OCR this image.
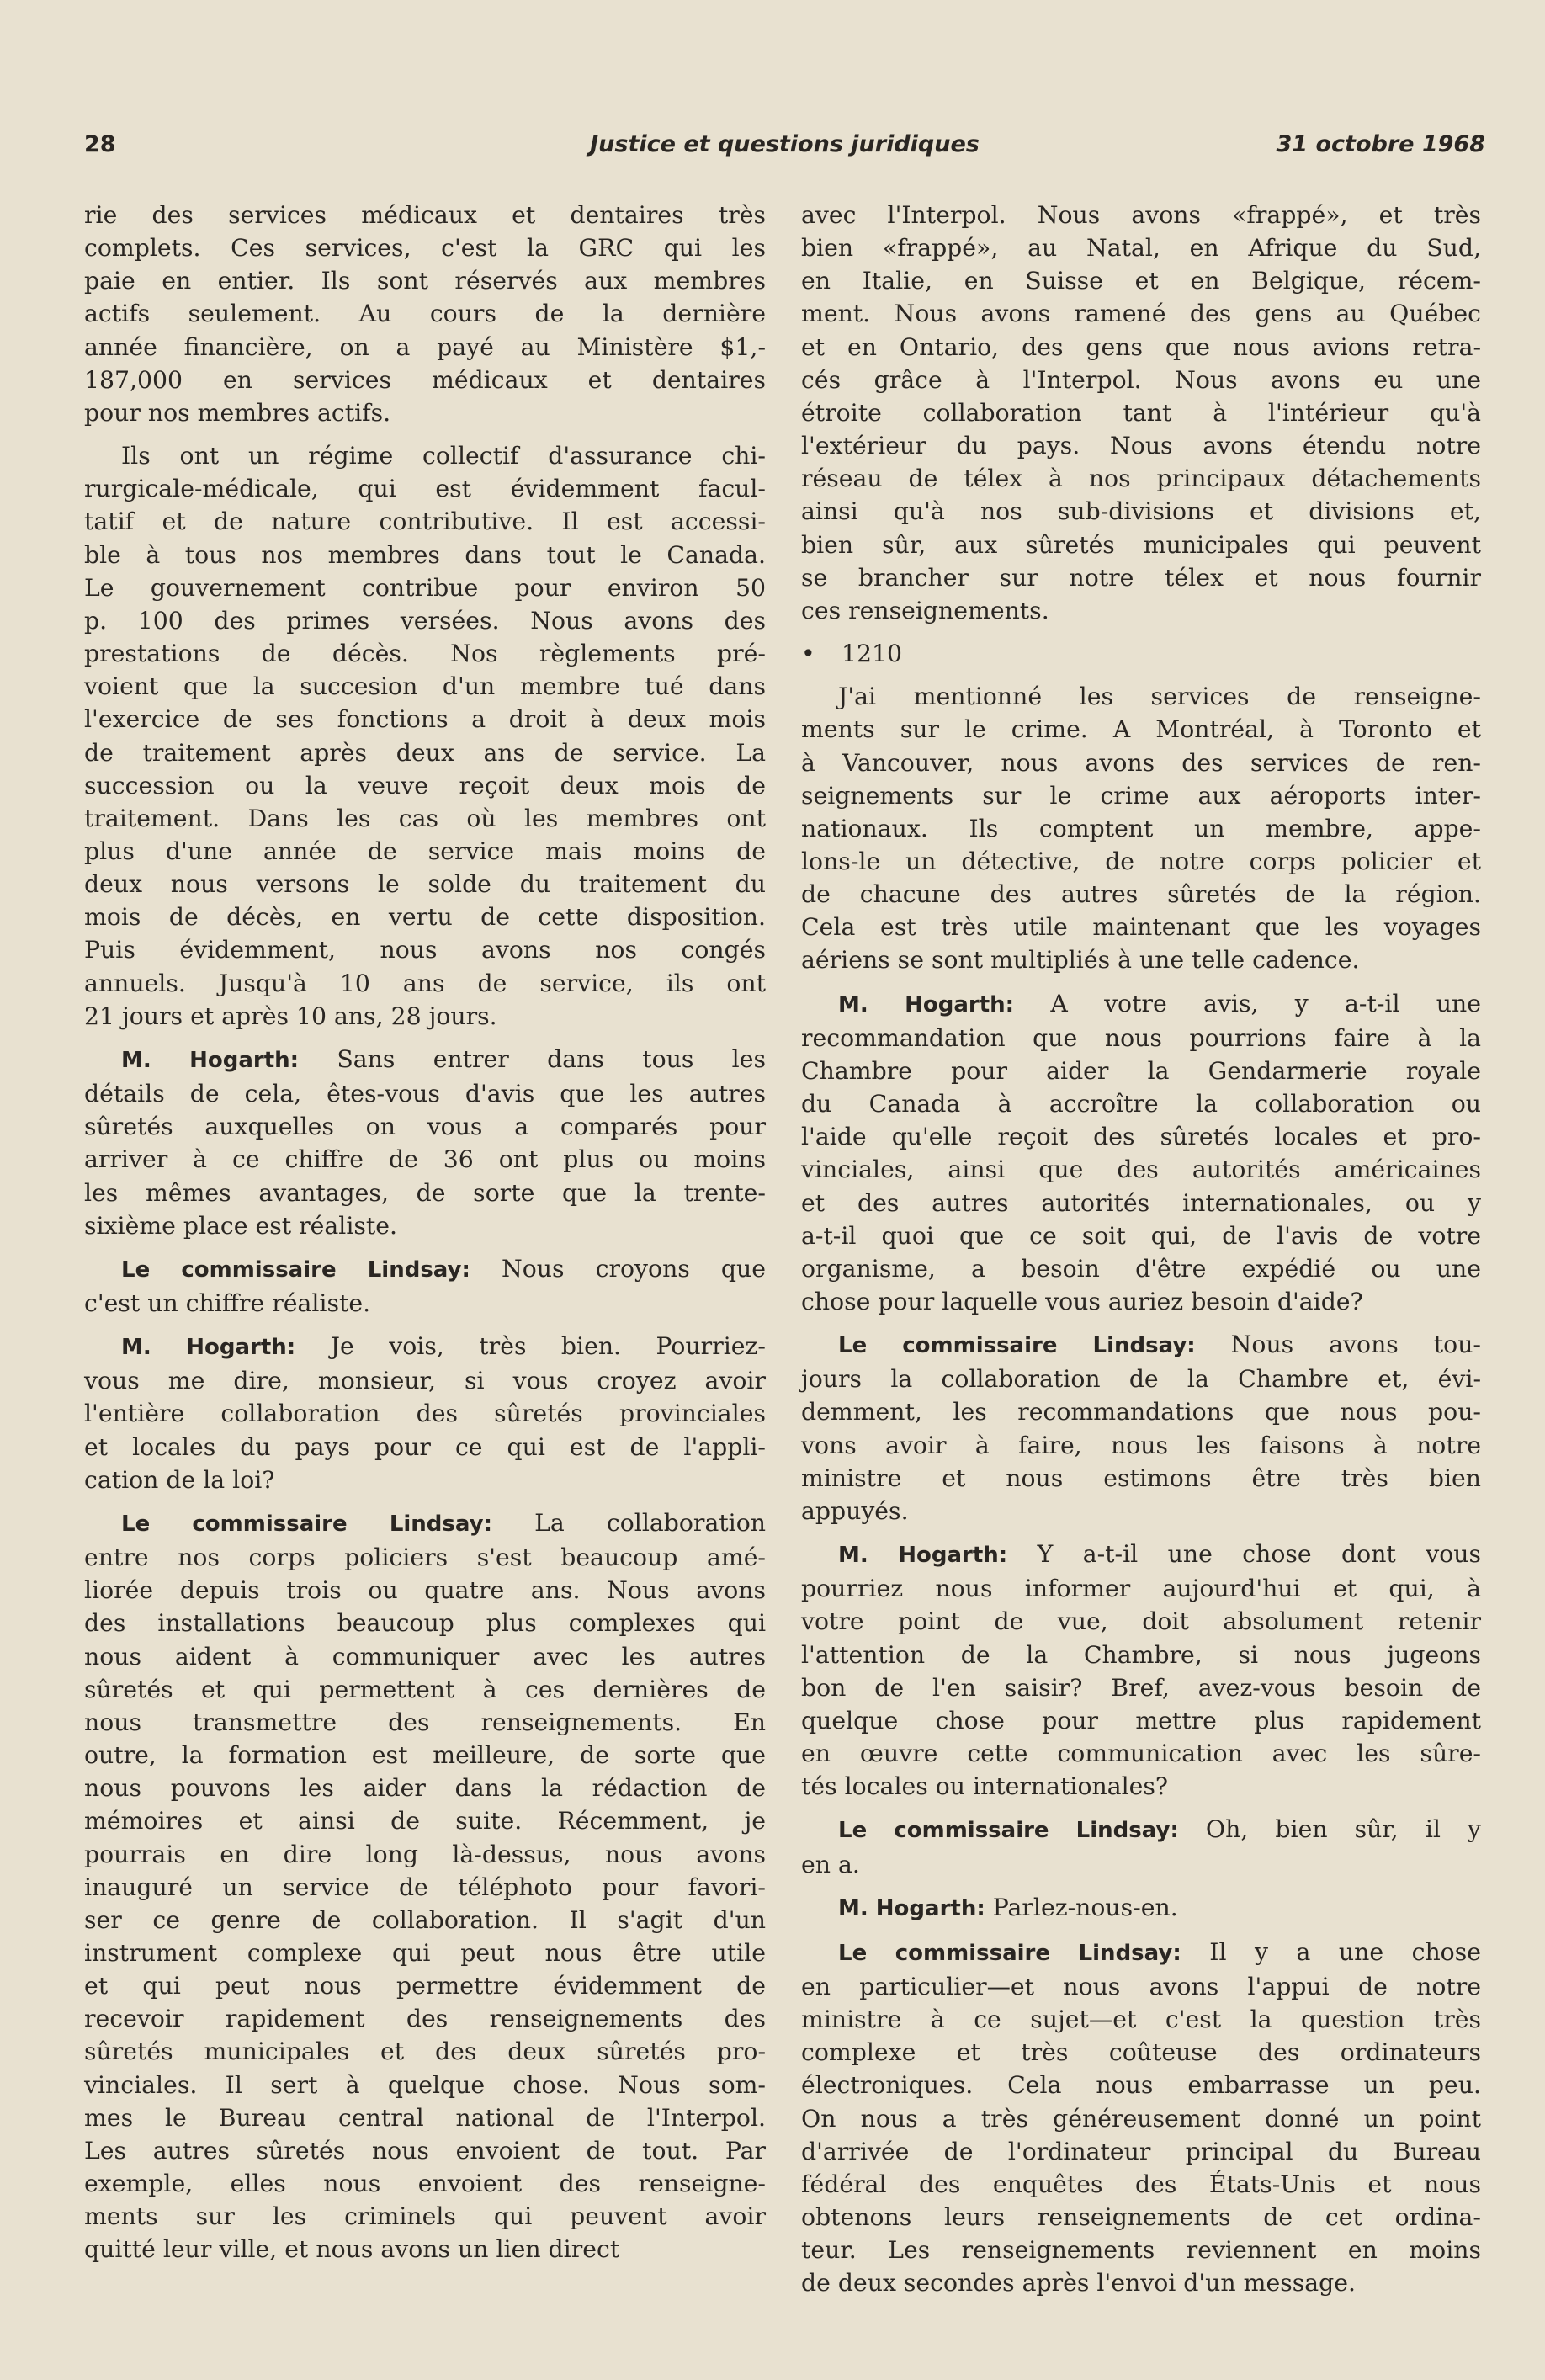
28	Justice et questions juridiques	31 octobre 1968

rie des services médicaux et dentaires très
complets. Ces services, c'est la GRC qui les
paie en entier. Ils sont réservés aux membres
actifs seulement. Au cours de la dernière
année financière, on a payé au Ministère $1,-
187,000 en services médicaux et dentaires
pour nos membres actifs.

Ils ont un régime collectif d'assurance chi-
rurgicale-médicale, qui est évidemment facul-
tatif et de nature contributive. Il est accessi-
ble à tous nos membres dans tout le Canada.
Le gouvernement contribue pour environ 50
p. 100 des primes versées. Nous avons des
prestations de décès. Nos règlements pré-
voient que la succesion d'un membre tué dans
l'exercice de ses fonctions a droit à deux mois
de traitement après deux ans de service. La
succession ou la veuve reçoit deux mois de
traitement. Dans les cas où les membres ont
plus d'une année de service mais moins de
deux nous versons le solde du traitement du
mois de décès, en vertu de cette disposition.
Puis évidemment, nous avons nos congés
annuels. Jusqu'à 10 ans de service, ils ont
21 jours et après 10 ans, 28 jours.

M. Hogarth: Sans entrer dans tous les
détails de cela, êtes-vous d'avis que les autres
sûretés auxquelles on vous a comparés pour
arriver à ce chiffre de 36 ont plus ou moins
les mêmes avantages, de sorte que la trente-
sixième place est réaliste.

Le commissaire Lindsay: Nous croyons que
c'est un chiffre réaliste.

M. Hogarth: Je vois, très bien. Pourriez-
vous me dire, monsieur, si vous croyez avoir
l'entière collaboration des sûretés provinciales
et locales du pays pour ce qui est de l'appli-
cation de la loi?

Le commissaire Lindsay: La collaboration
entre nos corps policiers s'est beaucoup amé-
liorée depuis trois ou quatre ans. Nous avons
des installations beaucoup plus complexes qui
nous aident à communiquer avec les autres
sûretés et qui permettent à ces dernières de
nous transmettre des renseignements. En
outre, la formation est meilleure, de sorte que
nous pouvons les aider dans la rédaction de
mémoires et ainsi de suite. Récemment, je
pourrais en dire long là-dessus, nous avons
inauguré un service de téléphoto pour favori-
ser ce genre de collaboration. Il s'agit d'un
instrument complexe qui peut nous être utile
et qui peut nous permettre évidemment de
recevoir rapidement des renseignements des
sûretés municipales et des deux sûretés pro-
vinciales. Il sert à quelque chose. Nous som-
mes le Bureau central national de l'Interpol.
Les autres sûretés nous envoient de tout. Par
exemple, elles nous envoient des renseigne-
ments sur les criminels qui peuvent avoir
quitté leur ville, et nous avons un lien direct

avec l'Interpol. Nous avons «frappé», et très
bien «frappé», au Natal, en Afrique du Sud,
en Italie, en Suisse et en Belgique, récem-
ment. Nous avons ramené des gens au Québec
et en Ontario, des gens que nous avions retra-
cés grâce à l'Interpol. Nous avons eu une
étroite collaboration tant à l'intérieur qu'à
l'extérieur du pays. Nous avons étendu notre
réseau de télex à nos principaux détachements
ainsi qu'à nos sub-divisions et divisions et,
bien sûr, aux sûretés municipales qui peuvent
se brancher sur notre télex et nous fournir
ces renseignements.

• 1210

J'ai mentionné les services de renseigne-
ments sur le crime. A Montréal, à Toronto et
à Vancouver, nous avons des services de ren-
seignements sur le crime aux aéroports inter-
nationaux. Ils comptent un membre, appe-
lons-le un détective, de notre corps policier et
de chacune des autres sûretés de la région.
Cela est très utile maintenant que les voyages
aériens se sont multipliés à une telle cadence.

M. Hogarth: A votre avis, y a-t-il une
recommandation que nous pourrions faire à la
Chambre pour aider la Gendarmerie royale
du Canada à accroître la collaboration ou
l'aide qu'elle reçoit des sûretés locales et pro-
vinciales, ainsi que des autorités américaines
et des autres autorités internationales, ou y
a-t-il quoi que ce soit qui, de l'avis de votre
organisme, a besoin d'être expédié ou une
chose pour laquelle vous auriez besoin d'aide?

Le commissaire Lindsay: Nous avons tou-
jours la collaboration de la Chambre et, évi-
demment, les recommandations que nous pou-
vons avoir à faire, nous les faisons à notre
ministre et nous estimons être très bien
appuyés.

M. Hogarth: Y a-t-il une chose dont vous
pourriez nous informer aujourd'hui et qui, à
votre point de vue, doit absolument retenir
l'attention de la Chambre, si nous jugeons
bon de l'en saisir? Bref, avez-vous besoin de
quelque chose pour mettre plus rapidement
en œuvre cette communication avec les sûre-
tés locales ou internationales?

Le commissaire Lindsay: Oh, bien sûr, il y
en a.

M. Hogarth: Parlez-nous-en.

Le commissaire Lindsay: Il y a une chose
en particulier—et nous avons l'appui de notre
ministre à ce sujet—et c'est la question très
complexe et très coûteuse des ordinateurs
électroniques. Cela nous embarrasse un peu.
On nous a très généreusement donné un point
d'arrivée de l'ordinateur principal du Bureau
fédéral des enquêtes des États-Unis et nous
obtenons leurs renseignements de cet ordina-
teur. Les renseignements reviennent en moins
de deux secondes après l'envoi d'un message.
